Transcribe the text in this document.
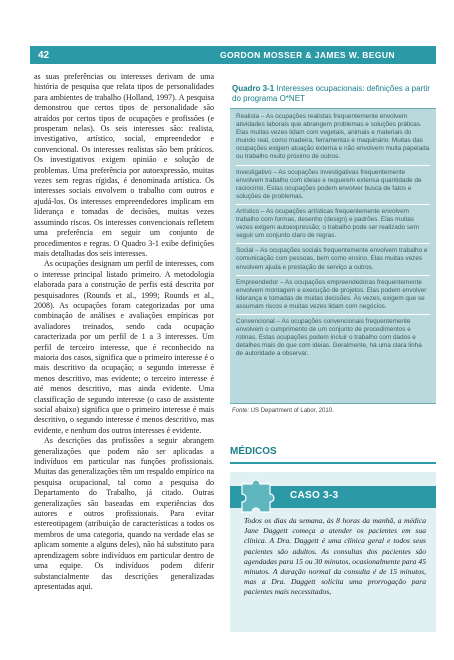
42	GORDON MOSSER & JAMES W. BEGUN

as suas preferências ou interesses derivam de uma história de pesquisa que relata tipos de personalidades para ambientes de trabalho (Holland, 1997). A pesquisa demonstrou que certos tipos de personalidade são atraídos por certos tipos de ocupações e profissões (e prosperam nelas). Os seis interesses são: realista, investigativo, artístico, social, empreendedor e convencional. Os interesses realistas são bem práticos. Os investigativos exigem opinião e solução de problemas. Uma preferência por autoexpressão, muitas vezes sem regras rígidas, é denominada artística. Os interesses sociais envolvem o trabalho com outros e ajudá-los. Os interesses empreendedores implicam em liderança e tomadas de decisões, muitas vezes assumindo riscos. Os interesses convencionais refletem uma preferência em seguir um conjunto de procedimentos e regras. O Quadro 3-1 exibe definições mais detalhadas dos seis interesses.

As ocupações designam um perfil de interesses, com o interesse principal listado primeiro. A metodologia elaborada para a construção de perfis está descrita por pesquisadores (Rounds et al., 1999; Rounds et al., 2008). As ocupações foram categorizadas por uma combinação de análises e avaliações empíricas por avaliadores treinados, sendo cada ocupação caracterizada por um perfil de 1 a 3 interesses. Um perfil de terceiro interesse, que é reconhecido na maioria dos casos, significa que o primeiro interesse é o mais descritivo da ocupação; o segundo interesse é menos descritivo, mas evidente; o terceiro interesse é até menos descritivo, mas ainda evidente. Uma classificação de segundo interesse (o caso de assistente social abaixo) significa que o primeiro interesse é mais descritivo, o segundo interesse é menos descritivo, mas evidente, e nenhum dos outros interesses é evidente.

As descrições das profissões a seguir abrangem generalizações que podem não ser aplicadas a indivíduos em particular nas funções profissionais. Muitas das generalizações têm um respaldo empírico na pesquisa ocupacional, tal como a pesquisa do Departamento do Trabalho, já citado. Outras generalizações são baseadas em experiências dos autores e outros profissionais. Para evitar estereotipagem (atribuição de características a todos os membros de uma categoria, quando na verdade elas se aplicam somente a alguns deles), não há substituto para aprendizagem sobre indivíduos em particular dentro de uma equipe. Os indivíduos podem diferir substancialmente das descrições generalizadas apresentadas aqui.

Quadro 3-1 Interesses ocupacionais: definições a partir do programa O*NET
Realista – As ocupações realistas frequentemente envolvem atividades laborais que abrangem problemas e soluções práticas. Elas muitas vezes lidam com vegetais, animais e materiais do mundo real, como madeira, ferramentas e maquinário. Muitas das ocupações exigem atuação externa e não envolvem muita papelada ou trabalho muito próximo de outros.
Investigativo – As ocupações investigativas frequentemente envolvem trabalho com ideias e requerem extensa quantidade de raciocínio. Estas ocupações podem envolver busca de fatos e soluções de problemas.
Artístico – As ocupações artísticas frequentemente envolvem trabalho com formas, desenho (design) e padrões. Elas muitas vezes exigem autoexpressão; o trabalho pode ser realizado sem seguir um conjunto claro de regras.
Social – As ocupações sociais frequentemente envolvem trabalho e comunicação com pessoas, bem como ensino. Elas muitas vezes envolvem ajuda e prestação de serviço a outros.
Empreendedor – As ocupações empreendedoras frequentemente envolvem montagem e execução de projetos. Elas podem envolver liderança e tomadas de muitas decisões. Às vezes, exigem que se assumam riscos e muitas vezes lidam com negócios.
Convencional – As ocupações convencionais frequentemente envolvem o cumprimento de um conjunto de procedimentos e rotinas. Estas ocupações podem incluir o trabalho com dados e detalhes mais do que com ideias. Geralmente, há uma clara linha de autoridade a observar.
Fonte: US Department of Labor, 2010.
MÉDICOS
CASO 3-3
Todos os dias da semana, às 8 horas da manhã, a médica Jane Daggett começa a atender os pacientes em sua clínica. A Dra. Daggett é uma clínica geral e todos seus pacientes são adultos. As consultas dos pacientes são agendadas para 15 ou 30 minutos, ocasionalmente para 45 minutos. A duração normal da consulta é de 15 minutos, mas a Dra. Daggett solicita uma prorrogação para pacientes mais necessitados,
